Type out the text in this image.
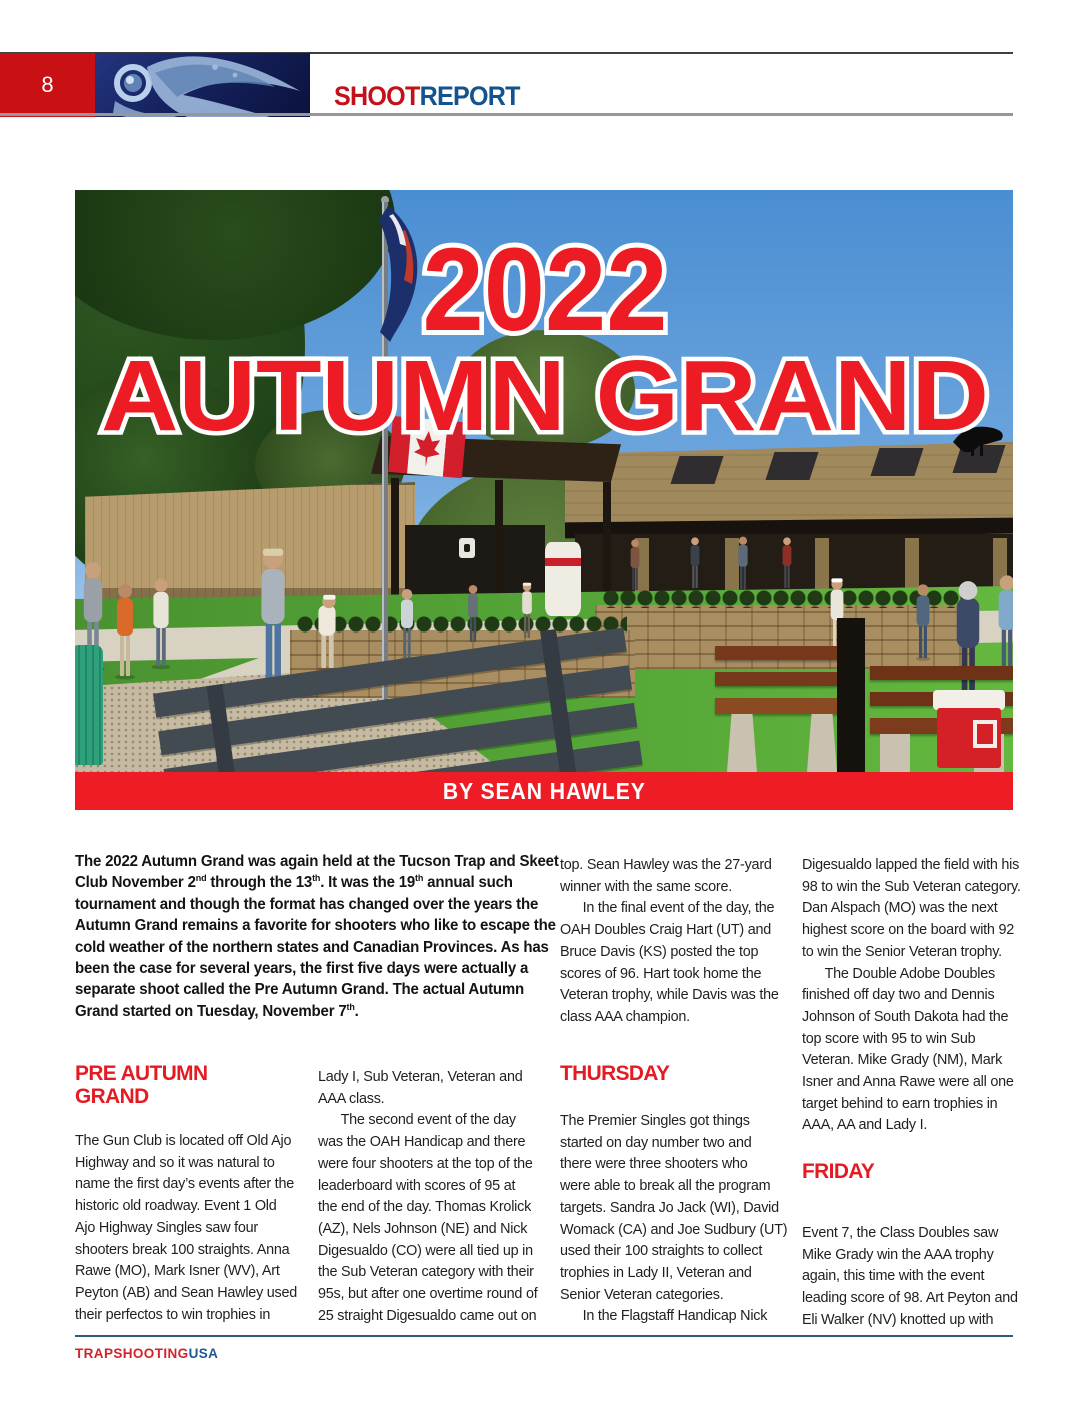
8	SHOOTREPORT
2022
AUTUMN GRAND
BY SEAN HAWLEY
The 2022 Autumn Grand was again held at the Tucson Trap and Skeet
Club November 2nd through the 13th. It was the 19th annual such
tournament and though the format has changed over the years the
Autumn Grand remains a favorite for shooters who like to escape the
cold weather of the northern states and Canadian Provinces. As has
been the case for several years, the first five days were actually a
separate shoot called the Pre Autumn Grand. The actual Autumn
Grand started on Tuesday, November 7th.
PRE AUTUMN
GRAND
The Gun Club is located off Old Ajo
Highway and so it was natural to
name the first day’s events after the
historic old roadway. Event 1 Old
Ajo Highway Singles saw four
shooters break 100 straights. Anna
Rawe (MO), Mark Isner (WV), Art
Peyton (AB) and Sean Hawley used
their perfectos to win trophies in
Lady I, Sub Veteran, Veteran and
AAA class.
The second event of the day
was the OAH Handicap and there
were four shooters at the top of the
leaderboard with scores of 95 at
the end of the day. Thomas Krolick
(AZ), Nels Johnson (NE) and Nick
Digesualdo (CO) were all tied up in
the Sub Veteran category with their
95s, but after one overtime round of
25 straight Digesualdo came out on
top. Sean Hawley was the 27-yard
winner with the same score.
In the final event of the day, the
OAH Doubles Craig Hart (UT) and
Bruce Davis (KS) posted the top
scores of 96. Hart took home the
Veteran trophy, while Davis was the
class AAA champion.
THURSDAY
The Premier Singles got things
started on day number two and
there were three shooters who
were able to break all the program
targets. Sandra Jo Jack (WI), David
Womack (CA) and Joe Sudbury (UT)
used their 100 straights to collect
trophies in Lady II, Veteran and
Senior Veteran categories.
In the Flagstaff Handicap Nick
Digesualdo lapped the field with his
98 to win the Sub Veteran category.
Dan Alspach (MO) was the next
highest score on the board with 92
to win the Senior Veteran trophy.
The Double Adobe Doubles
finished off day two and Dennis
Johnson of South Dakota had the
top score with 95 to win Sub
Veteran. Mike Grady (NM), Mark
Isner and Anna Rawe were all one
target behind to earn trophies in
AAA, AA and Lady I.
FRIDAY
Event 7, the Class Doubles saw
Mike Grady win the AAA trophy
again, this time with the event
leading score of 98. Art Peyton and
Eli Walker (NV) knotted up with
TRAPSHOOTINGUSA
